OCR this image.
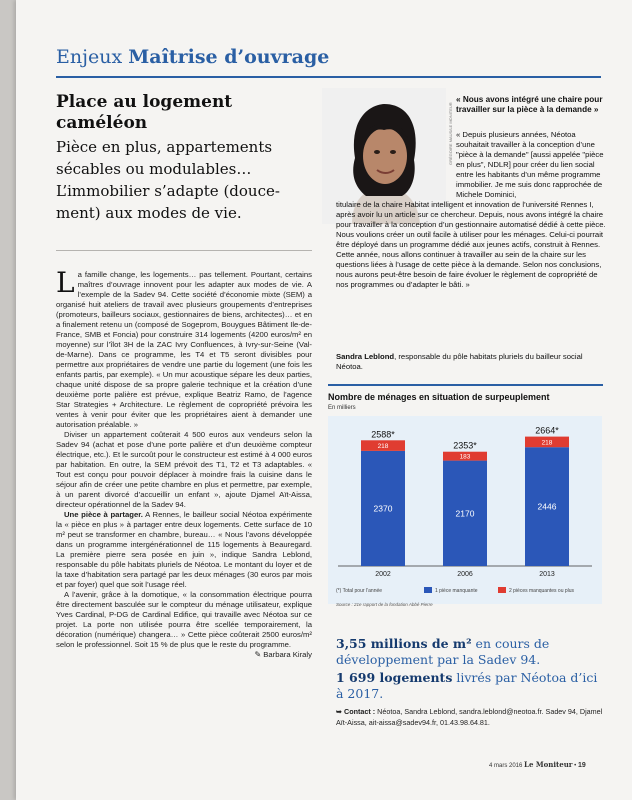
Enjeux Maîtrise d’ouvrage
Place au logement caméléon

Pièce en plus, appartements sécables ou modulables… L’immobilier s’adapte (douce-ment) aux modes de vie.

La famille change, les logements… pas tellement. Pourtant, certains maîtres d’ouvrage innovent pour les adapter aux modes de vie. A l’exemple de la Sadev 94. Cette société d’économie mixte (SEM) a organisé huit ateliers de travail avec plusieurs groupements d’entreprises (promoteurs, bailleurs sociaux, gestionnaires de biens, architectes)… et en a finalement retenu un (composé de Sogeprom, Bouygues Bâtiment Ile-de-France, SMB et Foncia) pour construire 314 logements (4200 euros/m² en moyenne) sur l’îlot 3H de la ZAC Ivry Confluences, à Ivry-sur-Seine (Val-de-Marne). Dans ce programme, les T4 et T5 seront divisibles pour permettre aux propriétaires de vendre une partie du logement (une fois les enfants partis, par exemple). « Un mur acoustique sépare les deux parties, chaque unité dispose de sa propre galerie technique et la création d’une deuxième porte palière est prévue, explique Beatriz Ramo, de l’agence Star Strategies + Architecture. Le règlement de copropriété prévoira les ventes à venir pour éviter que les propriétaires aient à demander une autorisation préalable. »

Diviser un appartement coûterait 4 500 euros aux vendeurs selon la Sadev 94 (achat et pose d’une porte palière et d’un deuxième compteur électrique, etc.). Et le surcoût pour le constructeur est estimé à 4 000 euros par habitation. En outre, la SEM prévoit des T1, T2 et T3 adaptables. « Tout est conçu pour pouvoir déplacer à moindre frais la cuisine dans le séjour afin de créer une petite chambre en plus et permettre, par exemple, à un parent divorcé d’accueillir un enfant », ajoute Djamel Aït-Aissa, directeur opérationnel de la Sadev 94.

Une pièce à partager. A Rennes, le bailleur social Néotoa expérimente la « pièce en plus » à partager entre deux logements. Cette surface de 10 m² peut se transformer en chambre, bureau… « Nous l’avons développée dans un programme intergénérationnel de 115 logements à Beauregard. La première pierre sera posée en juin », indique Sandra Leblond, responsable du pôle habitats pluriels de Néotoa. Le montant du loyer et de la taxe d’habitation sera partagé par les deux ménages (30 euros par mois et par foyer) quel que soit l’usage réel.

A l’avenir, grâce à la domotique, « la consommation électrique pourra être directement basculée sur le compteur du ménage utilisateur, explique Yves Cardinal, P-DG de Cardinal Edifice, qui travaille avec Néotoa sur ce projet. La porte non utilisée pourra être scellée temporairement, la décoration (numérique) changera… » Cette pièce coûterait 2500 euros/m² selon le professionnel. Soit 15 % de plus que le reste du programme.
✎ Barbara Kiraly

GRÉGOIRE MAUS/LE MONITEUR
« Nous avons intégré une chaire pour travailler sur la pièce à la demande »

« Depuis plusieurs années, Néotoa souhaitait travailler à la conception d’une "pièce à la demande" [aussi appelée "pièce en plus", NDLR] pour créer du lien social entre les habitants d’un même programme immobilier. Je me suis donc rapprochée de Michele Dominici,

titulaire de la chaire Habitat intelligent et innovation de l’université Rennes I, après avoir lu un article sur ce chercheur. Depuis, nous avons intégré la chaire pour travailler à la conception d’un gestionnaire automatisé dédié à cette pièce. Nous voulions créer un outil facile à utiliser pour les ménages. Celui-ci pourrait être déployé dans un programme dédié aux jeunes actifs, construit à Rennes. Cette année, nous allons continuer à travailler au sein de la chaire sur les questions liées à l’usage de cette pièce à la demande. Selon nos conclusions, nous aurons peut-être besoin de faire évoluer le règlement de copropriété de nos programmes ou d’adapter le bâti. »

Sandra Leblond, responsable du pôle habitats pluriels du bailleur social Néotoa.
Nombre de ménages en situation de surpeuplement
En milliers
2370
218
2588*
2002
2170
183
2353*
2006
2446
218
2664*
2013
(*) Total pour l’année	1 pièce manquante	2 pièces manquantes ou plus
Source : 21e rapport de la fondation Abbé Pierre

3,55 millions de m² en cours de développement par la Sadev 94.

1 699 logements livrés par Néotoa d’ici à 2017.

➥ Contact : Néotoa, Sandra Leblond, sandra.leblond@neotoa.fr. Sadev 94, Djamel Aït-Aissa, ait-aissa@sadev94.fr, 01.43.98.64.81.
4 mars 2016 Le Moniteur • 19
